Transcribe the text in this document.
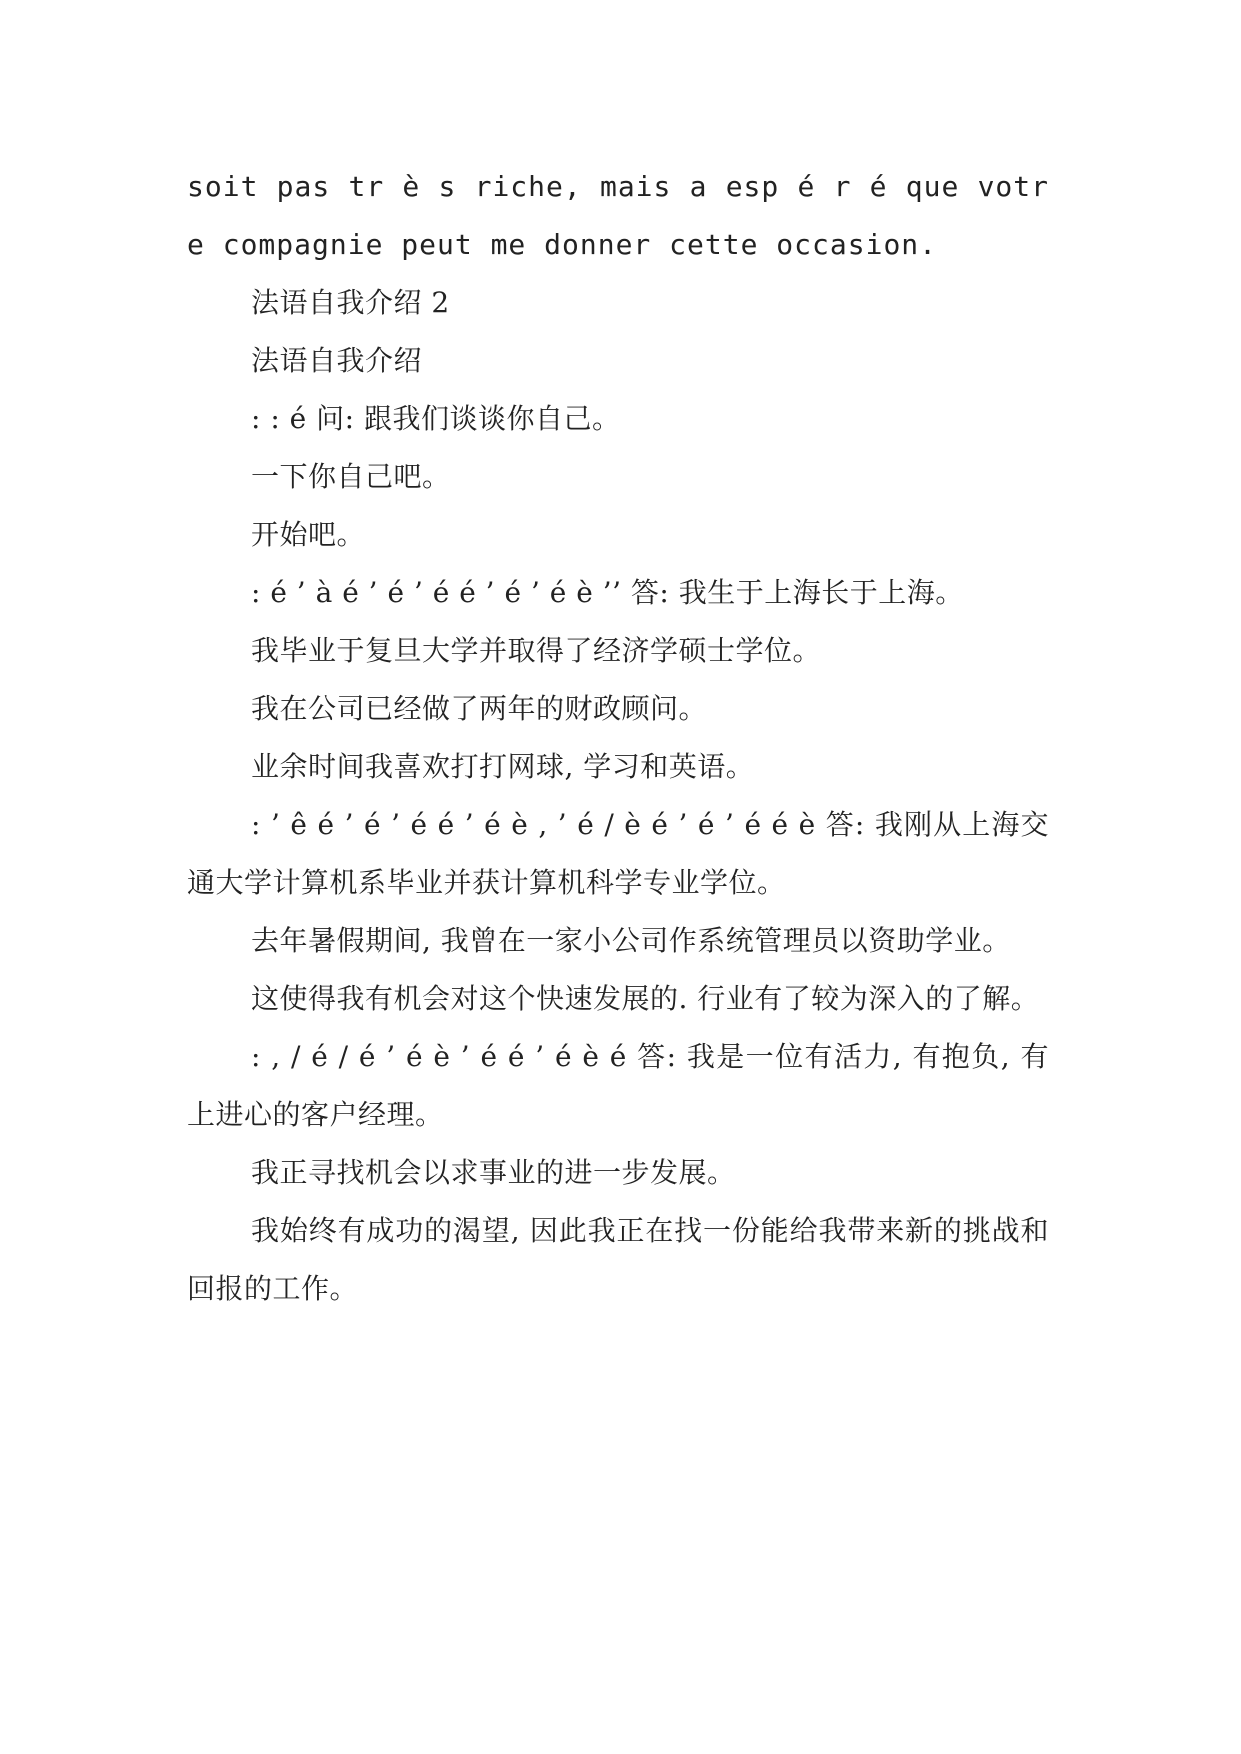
soit pas tr è s riche, mais a esp é r é que votre compagnie peut me donner cette occasion.

法语自我介绍 2

法语自我介绍

: : é 问: 跟我们谈谈你自己。

一下你自己吧。

开始吧。

: é ’ à é ’ é ’ é é ’ é ’ é è ’’ 答: 我生于上海长于上海。

我毕业于复旦大学并取得了经济学硕士学位。

我在公司已经做了两年的财政顾问。

业余时间我喜欢打打网球, 学习和英语。

: ’ ê é ’ é ’ é é ’ é è , ’ é / è é ’ é ’ é é è 答: 我刚从上海交通大学计算机系毕业并获计算机科学专业学位。

去年暑假期间, 我曾在一家小公司作系统管理员以资助学业。

这使得我有机会对这个快速发展的. 行业有了较为深入的了解。

: , / é / é ’ é è ’ é é ’ é è é 答: 我是一位有活力, 有抱负, 有上进心的客户经理。

我正寻找机会以求事业的进一步发展。

我始终有成功的渴望, 因此我正在找一份能给我带来新的挑战和回报的工作。
